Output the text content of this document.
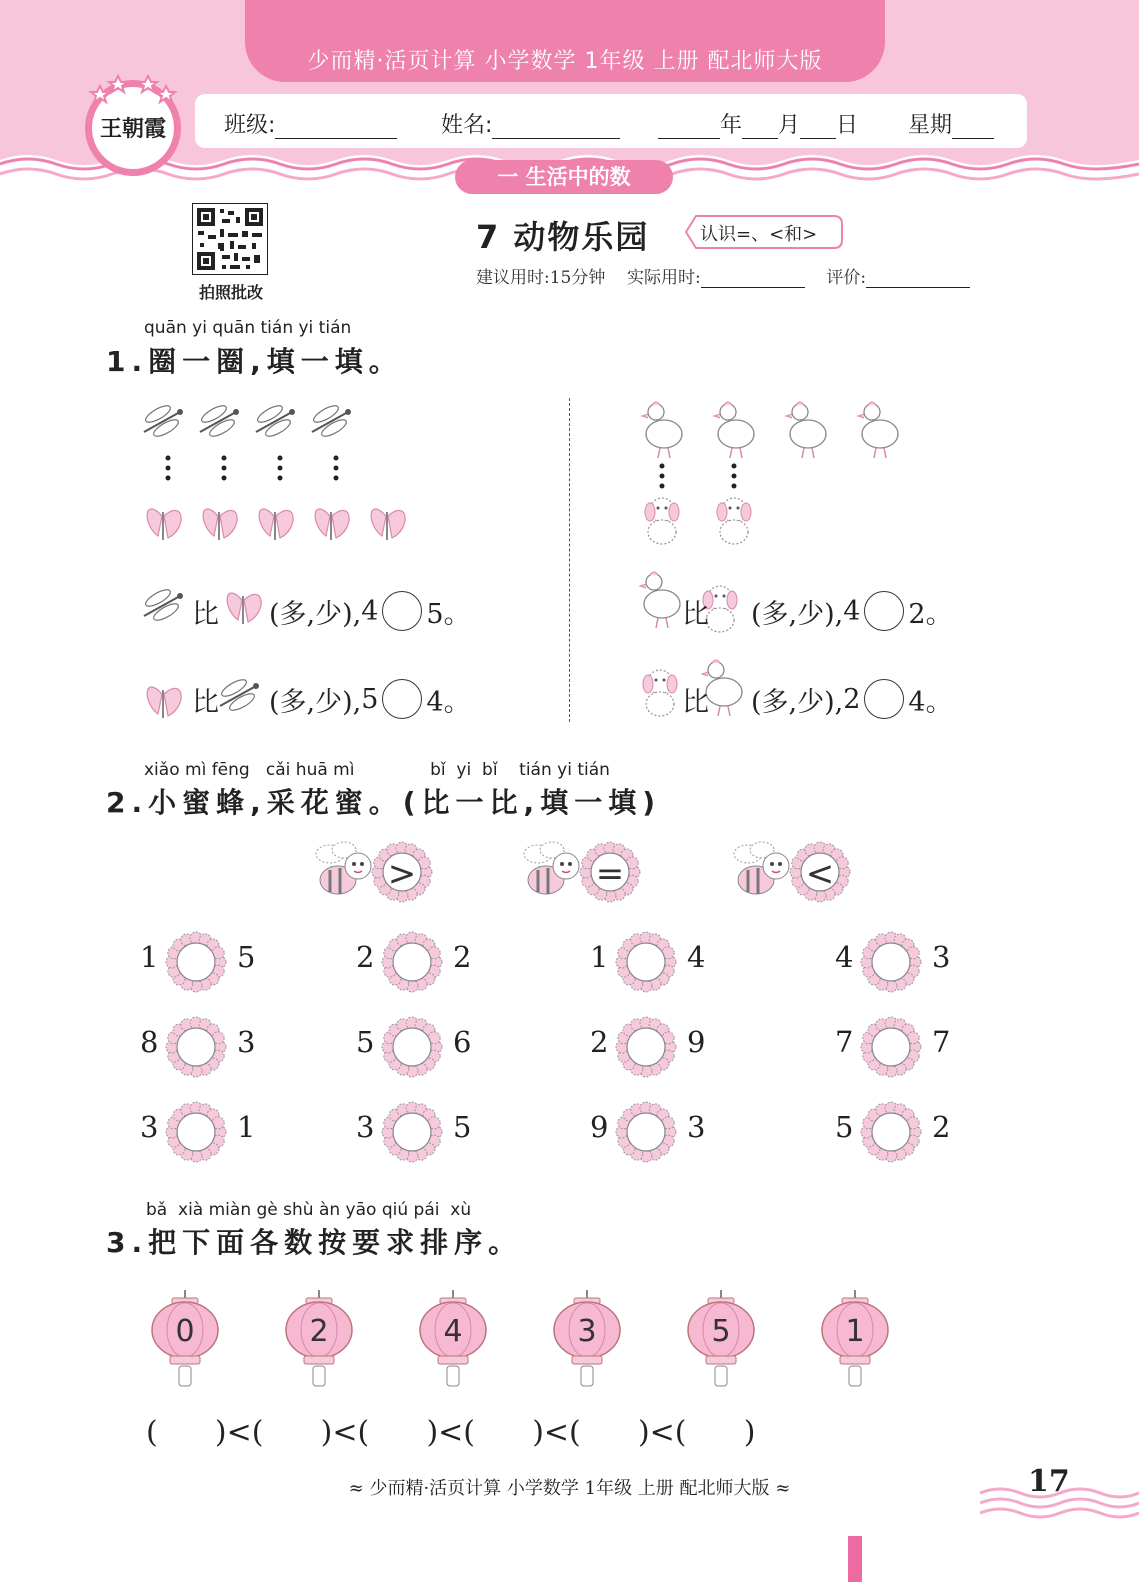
少而精·活页计算 小学数学 1年级 上册 配北师大版
班级:	姓名:	年 月 日 星期
王朝霞
一 生活中的数
拍照批改
7 动物乐园	认识=、<和>
建议用时:15分钟 实际用时:	评价:
quān yi quān tián yi tián
1.圈一圈,填一填。
比 (多,少), 4 5。
比 (多,少), 5 4。
比 (多,少), 4 2。
比 (多,少), 2 4。
xiǎo mì fēng   cǎi huā mì              bǐ  yi  bǐ    tián yi tián
2.小蜜蜂,采花蜜。(比一比,填一填)
>	=	<
1	5	2	2	1	4	4	3
8	3	5	6	2	9	7	7
3	1	3	5	9	3	5	2
bǎ  xià miàn gè shù àn yāo qiú pái  xù
3.把下面各数按要求排序。
0	2	4	3	5	1
(      )<(      )<(      )<(      )<(      )<(      )
≈ 少而精·活页计算 小学数学 1年级 上册 配北师大版 ≈	17
